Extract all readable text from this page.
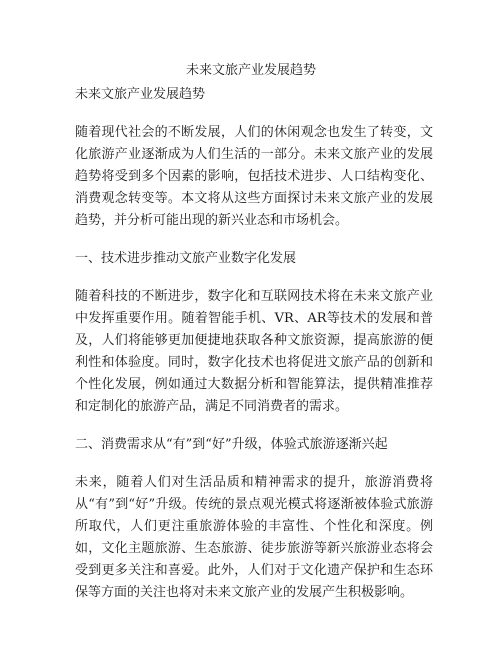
未来文旅产业发展趋势

未来文旅产业发展趋势

随着现代社会的不断发展，人们的休闲观念也发生了转变，文化旅游产业逐渐成为人们生活的一部分。未来文旅产业的发展趋势将受到多个因素的影响，包括技术进步、人口结构变化、消费观念转变等。本文将从这些方面探讨未来文旅产业的发展趋势，并分析可能出现的新兴业态和市场机会。

一、技术进步推动文旅产业数字化发展

随着科技的不断进步，数字化和互联网技术将在未来文旅产业中发挥重要作用。随着智能手机、VR、AR等技术的发展和普及，人们将能够更加便捷地获取各种文旅资源，提高旅游的便利性和体验度。同时，数字化技术也将促进文旅产品的创新和个性化发展，例如通过大数据分析和智能算法，提供精准推荐和定制化的旅游产品，满足不同消费者的需求。

二、消费需求从“有”到“好”升级，体验式旅游逐渐兴起

未来，随着人们对生活品质和精神需求的提升，旅游消费将从“有”到“好”升级。传统的景点观光模式将逐渐被体验式旅游所取代，人们更注重旅游体验的丰富性、个性化和深度。例如，文化主题旅游、生态旅游、徒步旅游等新兴旅游业态将会受到更多关注和喜爱。此外，人们对于文化遗产保护和生态环保等方面的关注也将对未来文旅产业的发展产生积极影响。
